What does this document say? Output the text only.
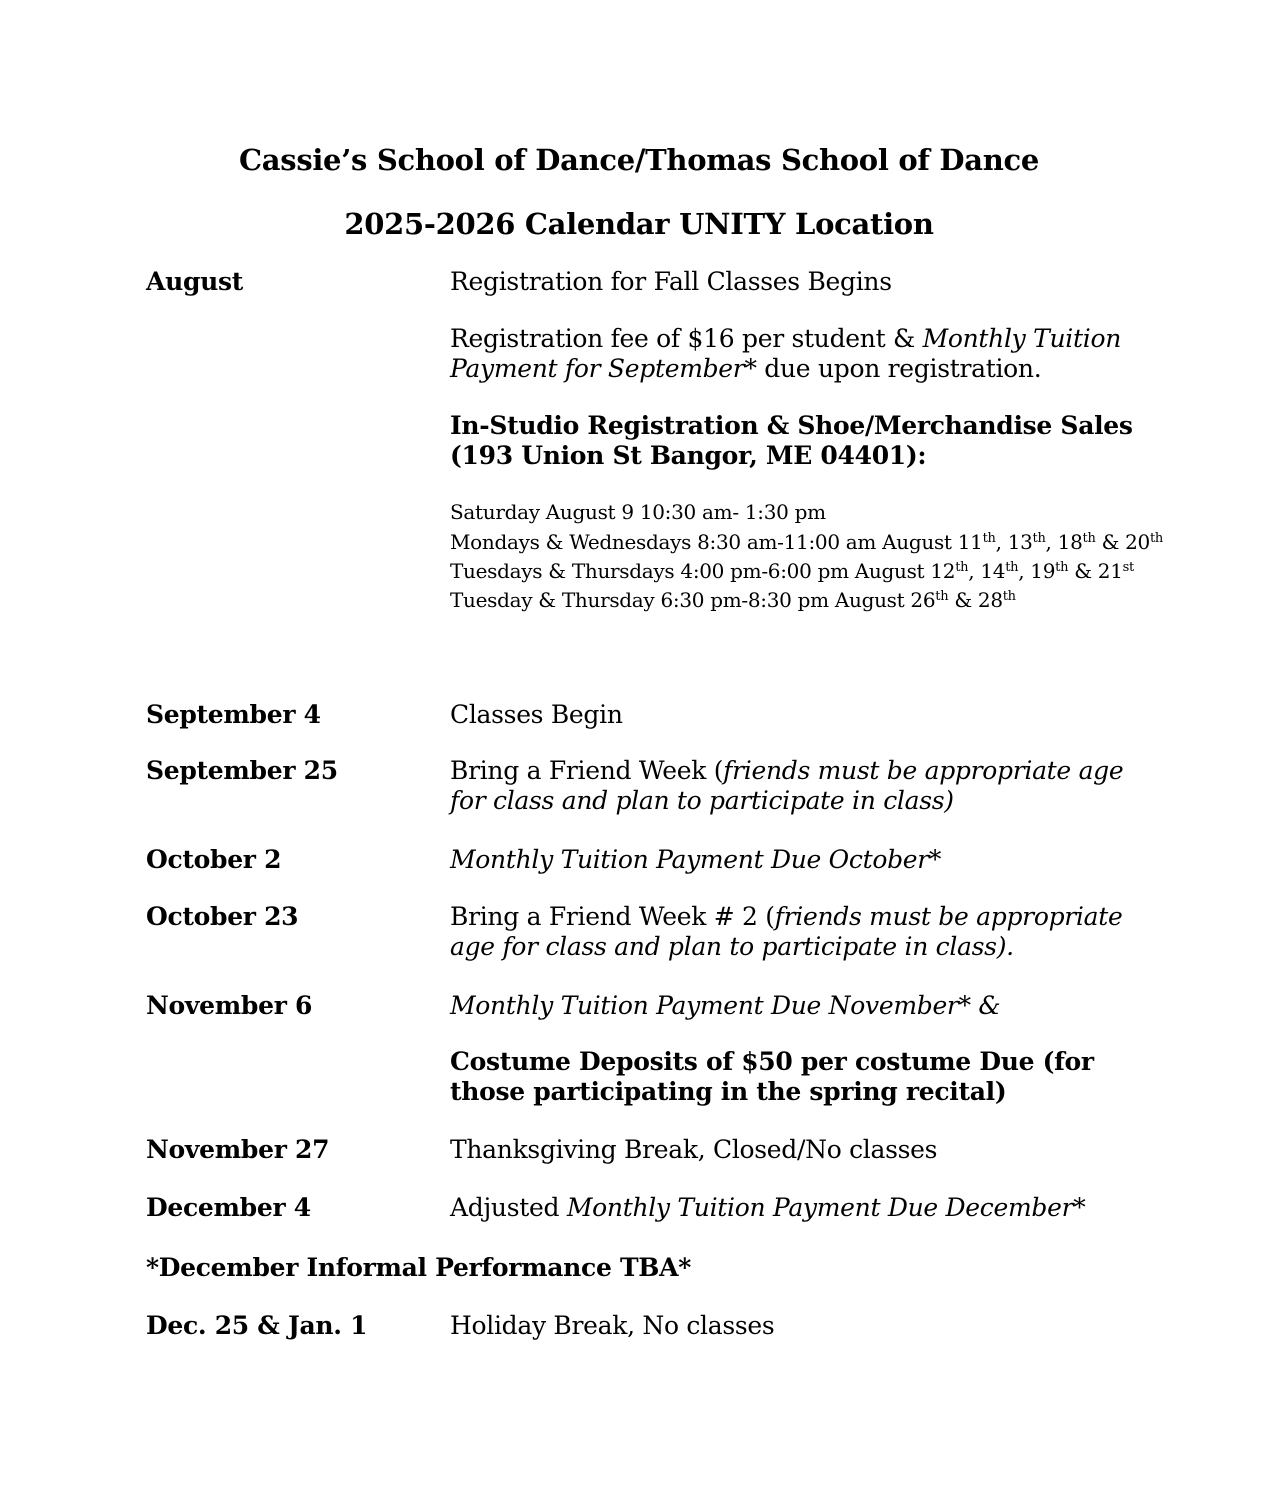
Cassie’s School of Dance/Thomas School of Dance
2025-2026 Calendar UNITY Location
August	Registration for Fall Classes Begins
Registration fee of $16 per student & Monthly Tuition Payment for September* due upon registration.
In-Studio Registration & Shoe/Merchandise Sales (193 Union St Bangor, ME 04401):
Saturday August 9 10:30 am- 1:30 pm
Mondays & Wednesdays 8:30 am-11:00 am August 11th, 13th, 18th & 20th
Tuesdays & Thursdays 4:00 pm-6:00 pm August 12th, 14th, 19th & 21st
Tuesday & Thursday 6:30 pm-8:30 pm August 26th & 28th
September 4	Classes Begin
September 25	Bring a Friend Week (friends must be appropriate age for class and plan to participate in class)
October 2	Monthly Tuition Payment Due October*
October 23	Bring a Friend Week # 2 (friends must be appropriate age for class and plan to participate in class).
November 6	Monthly Tuition Payment Due November* &
Costume Deposits of $50 per costume Due (for those participating in the spring recital)
November 27	Thanksgiving Break, Closed/No classes
December 4	Adjusted Monthly Tuition Payment Due December*
*December Informal Performance TBA*
Dec. 25 & Jan. 1	Holiday Break, No classes
